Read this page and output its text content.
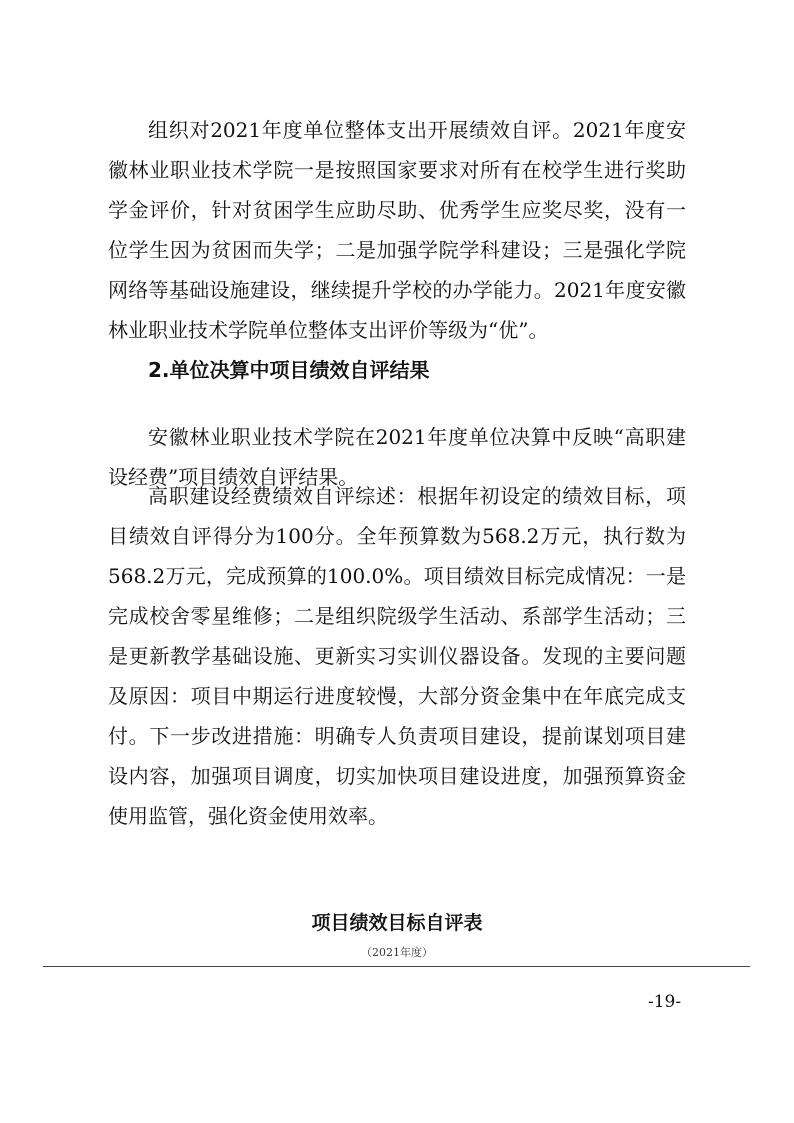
组织对2021年度单位整体支出开展绩效自评。2021年度安徽林业职业技术学院一是按照国家要求对所有在校学生进行奖助学金评价，针对贫困学生应助尽助、优秀学生应奖尽奖，没有一位学生因为贫困而失学；二是加强学院学科建设；三是强化学院网络等基础设施建设，继续提升学校的办学能力。2021年度安徽林业职业技术学院单位整体支出评价等级为“优”。

2.单位决算中项目绩效自评结果

安徽林业职业技术学院在2021年度单位决算中反映“高职建设经费”项目绩效自评结果。

高职建设经费绩效自评综述：根据年初设定的绩效目标，项目绩效自评得分为100分。全年预算数为568.2万元，执行数为568.2万元，完成预算的100.0%。项目绩效目标完成情况：一是完成校舍零星维修；二是组织院级学生活动、系部学生活动；三是更新教学基础设施、更新实习实训仪器设备。发现的主要问题及原因：项目中期运行进度较慢，大部分资金集中在年底完成支付。下一步改进措施：明确专人负责项目建设，提前谋划项目建设内容，加强项目调度，切实加快项目建设进度，加强预算资金使用监管，强化资金使用效率。

项目绩效目标自评表
（2021年度）
-19-
